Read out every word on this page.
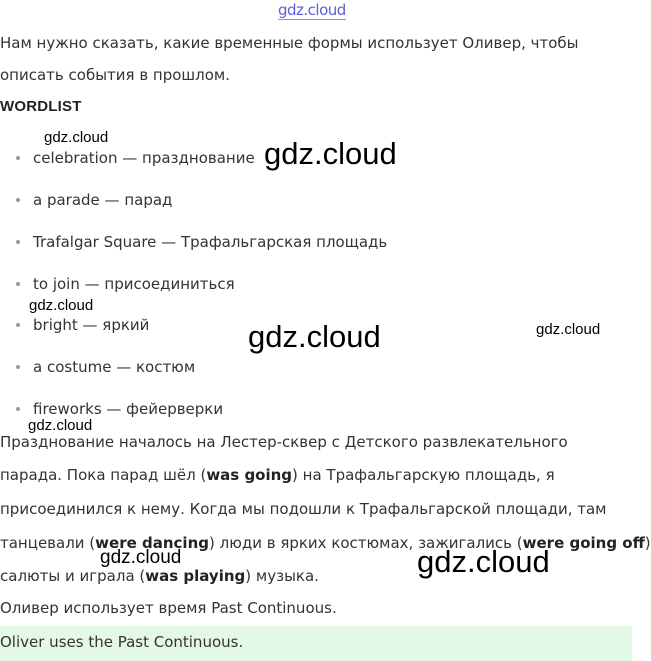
gdz.cloud
Нам нужно сказать, какие временные формы использует Оливер, чтобы
описать события в прошлом.
WORDLIST
celebration — празднование
a parade — парад
Trafalgar Square — Трафальгарская площадь
to join — присоединиться
bright — яркий
a costume — костюм
fireworks — фейерверки
Празднование началось на Лестер-сквер с Детского развлекательного
парада. Пока парад шёл (was going) на Трафальгарскую площадь, я
присоединился к нему. Когда мы подошли к Трафальгарской площади, там
танцевали (were dancing) люди в ярких костюмах, зажигались (were going off)
салюты и играла (was playing) музыка.
Оливер использует время Past Continuous.
Oliver uses the Past Continuous.
gdz.cloud	gdz.cloud
gdz.cloud
gdz.cloud	gdz.cloud
gdz.cloud
gdz.cloud	gdz.cloud
